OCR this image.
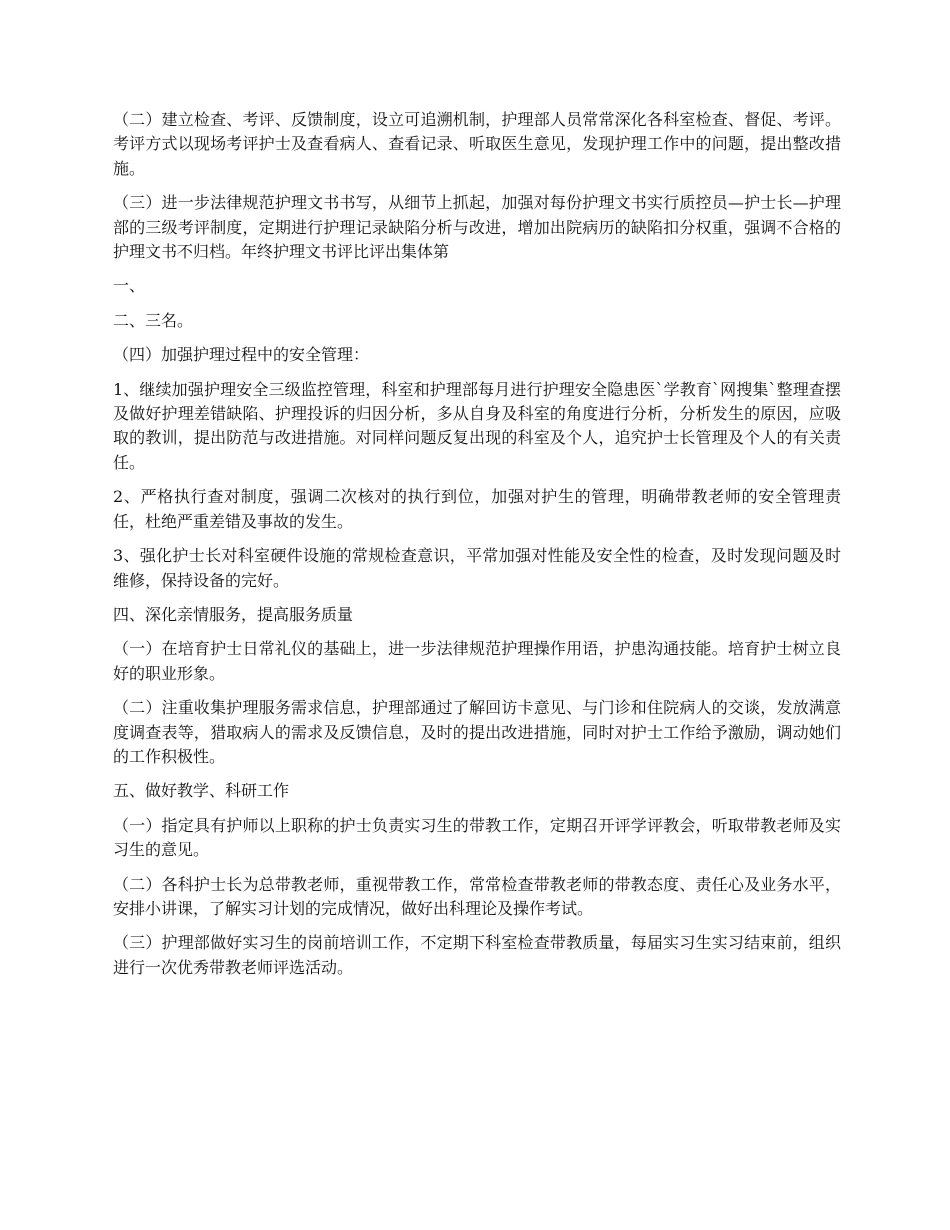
（二）建立检查、考评、反馈制度，设立可追溯机制，护理部人员常常深化各科室检查、督促、考评。考评方式以现场考评护士及查看病人、查看记录、听取医生意见，发现护理工作中的问题，提出整改措施。

（三）进一步法律规范护理文书书写，从细节上抓起，加强对每份护理文书实行质控员—护士长—护理部的三级考评制度，定期进行护理记录缺陷分析与改进，增加出院病历的缺陷扣分权重，强调不合格的护理文书不归档。年终护理文书评比评出集体第

一、

二、三名。

（四）加强护理过程中的安全管理：

1、继续加强护理安全三级监控管理，科室和护理部每月进行护理安全隐患医`学教育`网搜集`整理查摆及做好护理差错缺陷、护理投诉的归因分析，多从自身及科室的角度进行分析，分析发生的原因，应吸取的教训，提出防范与改进措施。对同样问题反复出现的科室及个人，追究护士长管理及个人的有关责任。

2、严格执行查对制度，强调二次核对的执行到位，加强对护生的管理，明确带教老师的安全管理责任，杜绝严重差错及事故的发生。

3、强化护士长对科室硬件设施的常规检查意识，平常加强对性能及安全性的检查，及时发现问题及时维修，保持设备的完好。

四、深化亲情服务，提高服务质量

（一）在培育护士日常礼仪的基础上，进一步法律规范护理操作用语，护患沟通技能。培育护士树立良好的职业形象。

（二）注重收集护理服务需求信息，护理部通过了解回访卡意见、与门诊和住院病人的交谈，发放满意度调查表等，猎取病人的需求及反馈信息，及时的提出改进措施，同时对护士工作给予激励，调动她们的工作积极性。

五、做好教学、科研工作

（一）指定具有护师以上职称的护士负责实习生的带教工作，定期召开评学评教会，听取带教老师及实习生的意见。

（二）各科护士长为总带教老师，重视带教工作，常常检查带教老师的带教态度、责任心及业务水平，安排小讲课，了解实习计划的完成情况，做好出科理论及操作考试。

（三）护理部做好实习生的岗前培训工作，不定期下科室检查带教质量，每届实习生实习结束前，组织进行一次优秀带教老师评选活动。
